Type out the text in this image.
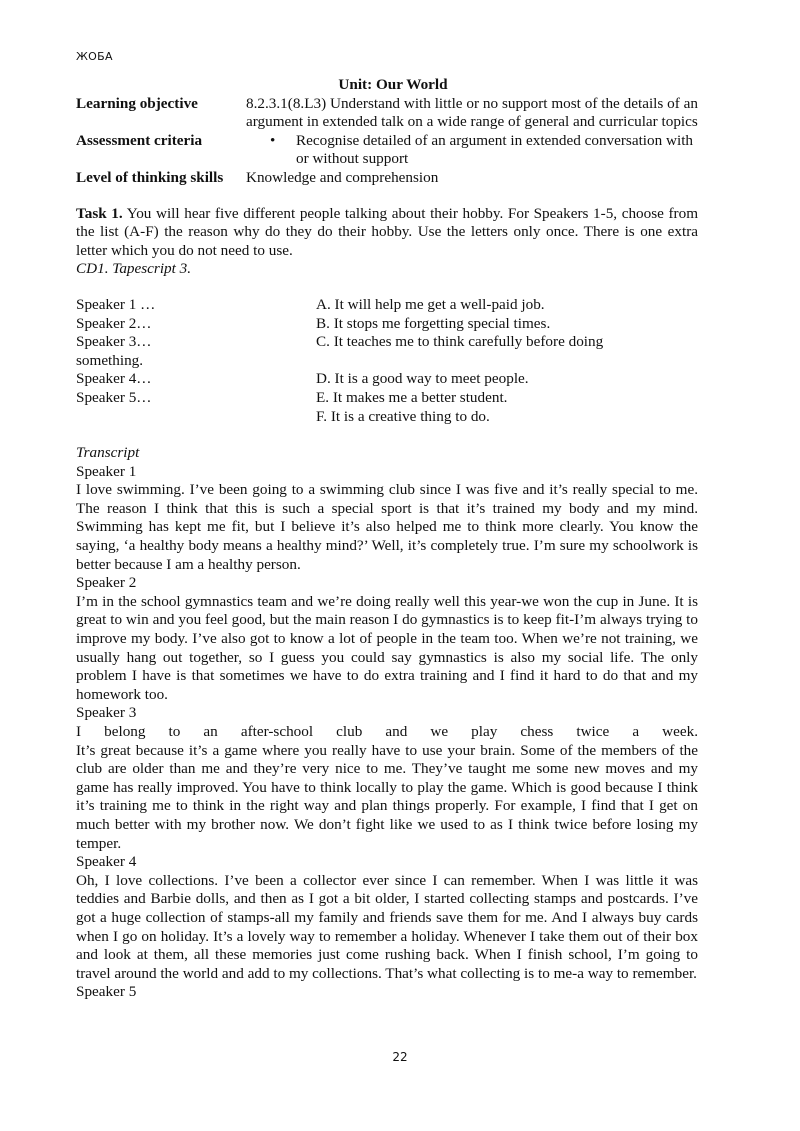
ЖОБА
Unit: Our World
Learning objective	8.2.3.1(8.L3) Understand with little or no support most of the details of an argument in extended talk on a wide range of general and curricular topics
Assessment criteria	• Recognise detailed of an argument in extended conversation with or without support

Level of thinking skills	Knowledge and comprehension

Task 1. You will hear five different people talking about their hobby. For Speakers 1-5, choose from the list (A-F) the reason why do they do their hobby. Use the letters only once. There is one extra letter which you do not need to use.

CD1. Tapescript 3.

Speaker 1 …	A. It will help me get a well-paid job.
Speaker 2…	B. It stops me forgetting special times.
Speaker 3…	C. It teaches me to think carefully before doing
something.
Speaker 4…	D. It is a good way to meet people.
Speaker 5…	E. It makes me a better student.
F. It is a creative thing to do.
Transcript
Speaker 1

I love swimming. I’ve been going to a swimming club since I was five and it’s really special to me. The reason I think that this is such a special sport is that it’s trained my body and my mind. Swimming has kept me fit, but I believe it’s also helped me to think more clearly. You know the saying, ‘a healthy body means a healthy mind?’ Well, it’s completely true. I’m sure my schoolwork is better because I am a healthy person.

Speaker 2

I’m in the school gymnastics team and we’re doing really well this year-we won the cup in June. It is great to win and you feel good, but the main reason I do gymnastics is to keep fit-I’m always trying to improve my body. I’ve also got to know a lot of people in the team too. When we’re not training, we usually hang out together, so I guess you could say gymnastics is also my social life. The only problem I have is that sometimes we have to do extra training and I find it hard to do that and my homework too.

Speaker 3
I belong to an after-school club and we play chess twice a week.

It’s great because it’s a game where you really have to use your brain. Some of the members of the club are older than me and they’re very nice to me. They’ve taught me some new moves and my game has really improved. You have to think locally to play the game. Which is good because I think it’s training me to think in the right way and plan things properly. For example, I find that I get on much better with my brother now. We don’t fight like we used to as I think twice before losing my temper.

Speaker 4

Oh, I love collections. I’ve been a collector ever since I can remember. When I was little it was teddies and Barbie dolls, and then as I got a bit older, I started collecting stamps and postcards. I’ve got a huge collection of stamps-all my family and friends save them for me. And I always buy cards when I go on holiday. It’s a lovely way to remember a holiday. Whenever I take them out of their box and look at them, all these memories just come rushing back. When I finish school, I’m going to travel around the world and add to my collections. That’s what collecting is to me-a way to remember.

Speaker 5
22
